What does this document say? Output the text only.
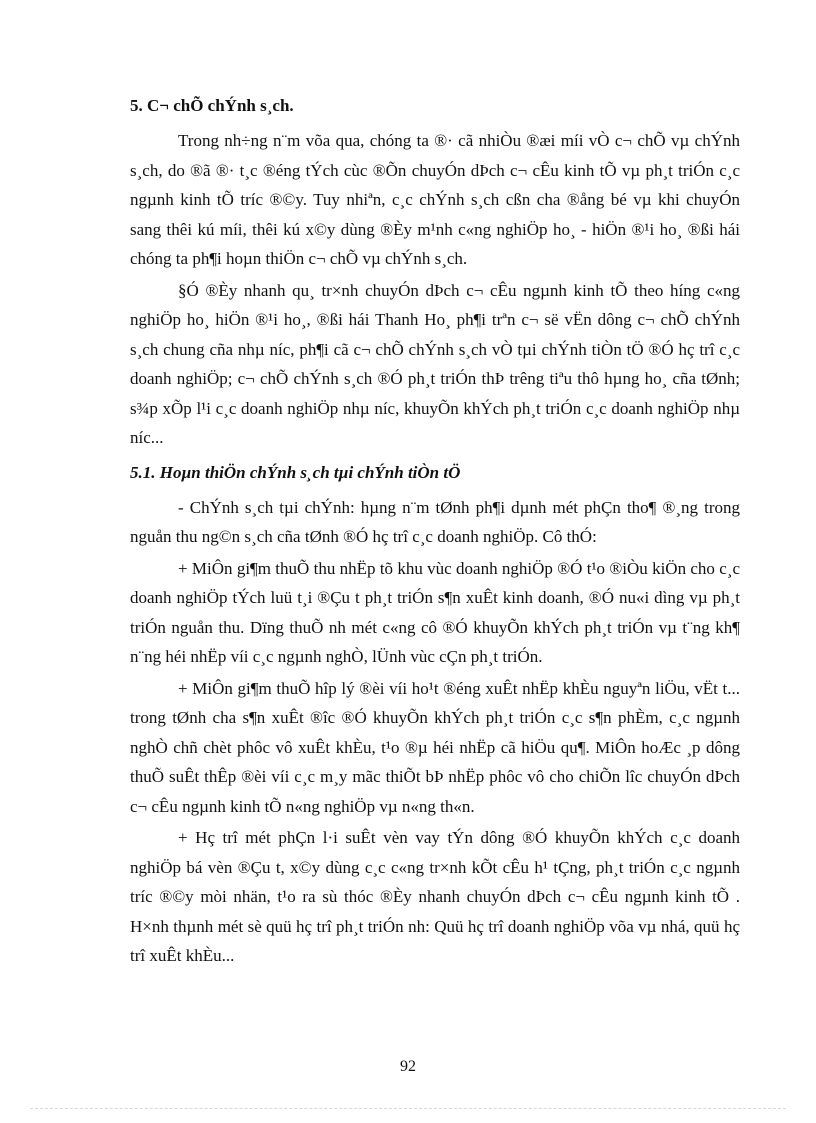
5. C¬ chÕ chÝnh s¸ch.

Trong nh÷ng n¨m võa qua, chóng ta ®· cã nhiÒu ®æi míi vÒ c¬ chÕ vµ chÝnh s¸ch, do ®ã ®· t¸c ®éng tÝch cùc ®Õn chuyÓn dÞch c¬ cÊu kinh tÕ vµ ph¸t triÓn c¸c ngµnh kinh tÕ tríc ®©y. Tuy nhiªn, c¸c chÝnh s¸ch cßn cha ®ång bé vµ khi chuyÓn sang thêi kú míi, thêi kú x©y dùng ®Èy m¹nh c«ng nghiÖp ho¸ - hiÖn ®¹i ho¸ ®ßi hái chóng ta ph¶i hoµn thiÖn c¬ chÕ vµ chÝnh s¸ch.

§Ó ®Èy nhanh qu¸ tr×nh chuyÓn dÞch c¬ cÊu ngµnh kinh tÕ theo híng c«ng nghiÖp ho¸ hiÖn ®¹i ho¸, ®ßi hái Thanh Ho¸ ph¶i trªn c¬ së vËn dông c¬ chÕ chÝnh s¸ch chung cña nhµ níc, ph¶i cã c¬ chÕ chÝnh s¸ch vÒ tµi chÝnh tiÒn tÖ ®Ó hç trî c¸c doanh nghiÖp; c¬ chÕ chÝnh s¸ch ®Ó ph¸t triÓn thÞ trêng tiªu thô hµng ho¸ cña tØnh; s¾p xÕp l¹i c¸c doanh nghiÖp nhµ níc, khuyÕn khÝch ph¸t triÓn c¸c doanh nghiÖp nhµ níc...

5.1. Hoµn thiÖn chÝnh s¸ch tµi chÝnh tiÒn tÖ

- ChÝnh s¸ch tµi chÝnh: hµng n¨m tØnh ph¶i dµnh mét phÇn tho¶ ®¸ng trong nguån thu ng©n s¸ch cña tØnh ®Ó hç trî c¸c doanh nghiÖp. Cô thÓ:

+ MiÔn gi¶m thuÕ thu nhËp tõ khu vùc doanh nghiÖp ®Ó t¹o ®iÒu kiÖn cho c¸c doanh nghiÖp tÝch luü t¸i ®Çu t ph¸t triÓn s¶n xuÊt kinh doanh, ®Ó nu«i dìng vµ ph¸t triÓn nguån thu. Dïng thuÕ nh mét c«ng cô ®Ó khuyÕn khÝch ph¸t triÓn vµ t¨ng kh¶ n¨ng héi nhËp víi c¸c ngµnh nghÒ, lÜnh vùc cÇn ph¸t triÓn.

+ MiÔn gi¶m thuÕ hîp lý ®èi víi ho¹t ®éng xuÊt nhËp khÈu nguyªn liÖu, vËt t... trong tØnh cha s¶n xuÊt ®îc ®Ó khuyÕn khÝch ph¸t triÓn c¸c s¶n phÈm, c¸c ngµnh nghÒ chñ chèt phôc vô xuÊt khÈu, t¹o ®µ héi nhËp cã hiÖu qu¶. MiÔn hoÆc ¸p dông thuÕ suÊt thÊp ®èi víi c¸c m¸y mãc thiÕt bÞ nhËp phôc vô cho chiÕn lîc chuyÓn dÞch c¬ cÊu ngµnh kinh tÕ n«ng nghiÖp vµ n«ng th«n.

+ Hç trî mét phÇn l·i suÊt vèn vay tÝn dông ®Ó khuyÕn khÝch c¸c doanh nghiÖp bá vèn ®Çu t, x©y dùng c¸c c«ng tr×nh kÕt cÊu h¹ tÇng, ph¸t triÓn c¸c ngµnh tríc ®©y mòi nhän, t¹o ra sù thóc ®Èy nhanh chuyÓn dÞch c¬ cÊu ngµnh kinh tÕ . H×nh thµnh mét sè quü hç trî ph¸t triÓn nh: Quü hç trî doanh nghiÖp võa vµ nhá, quü hç trî xuÊt khÈu...

92
